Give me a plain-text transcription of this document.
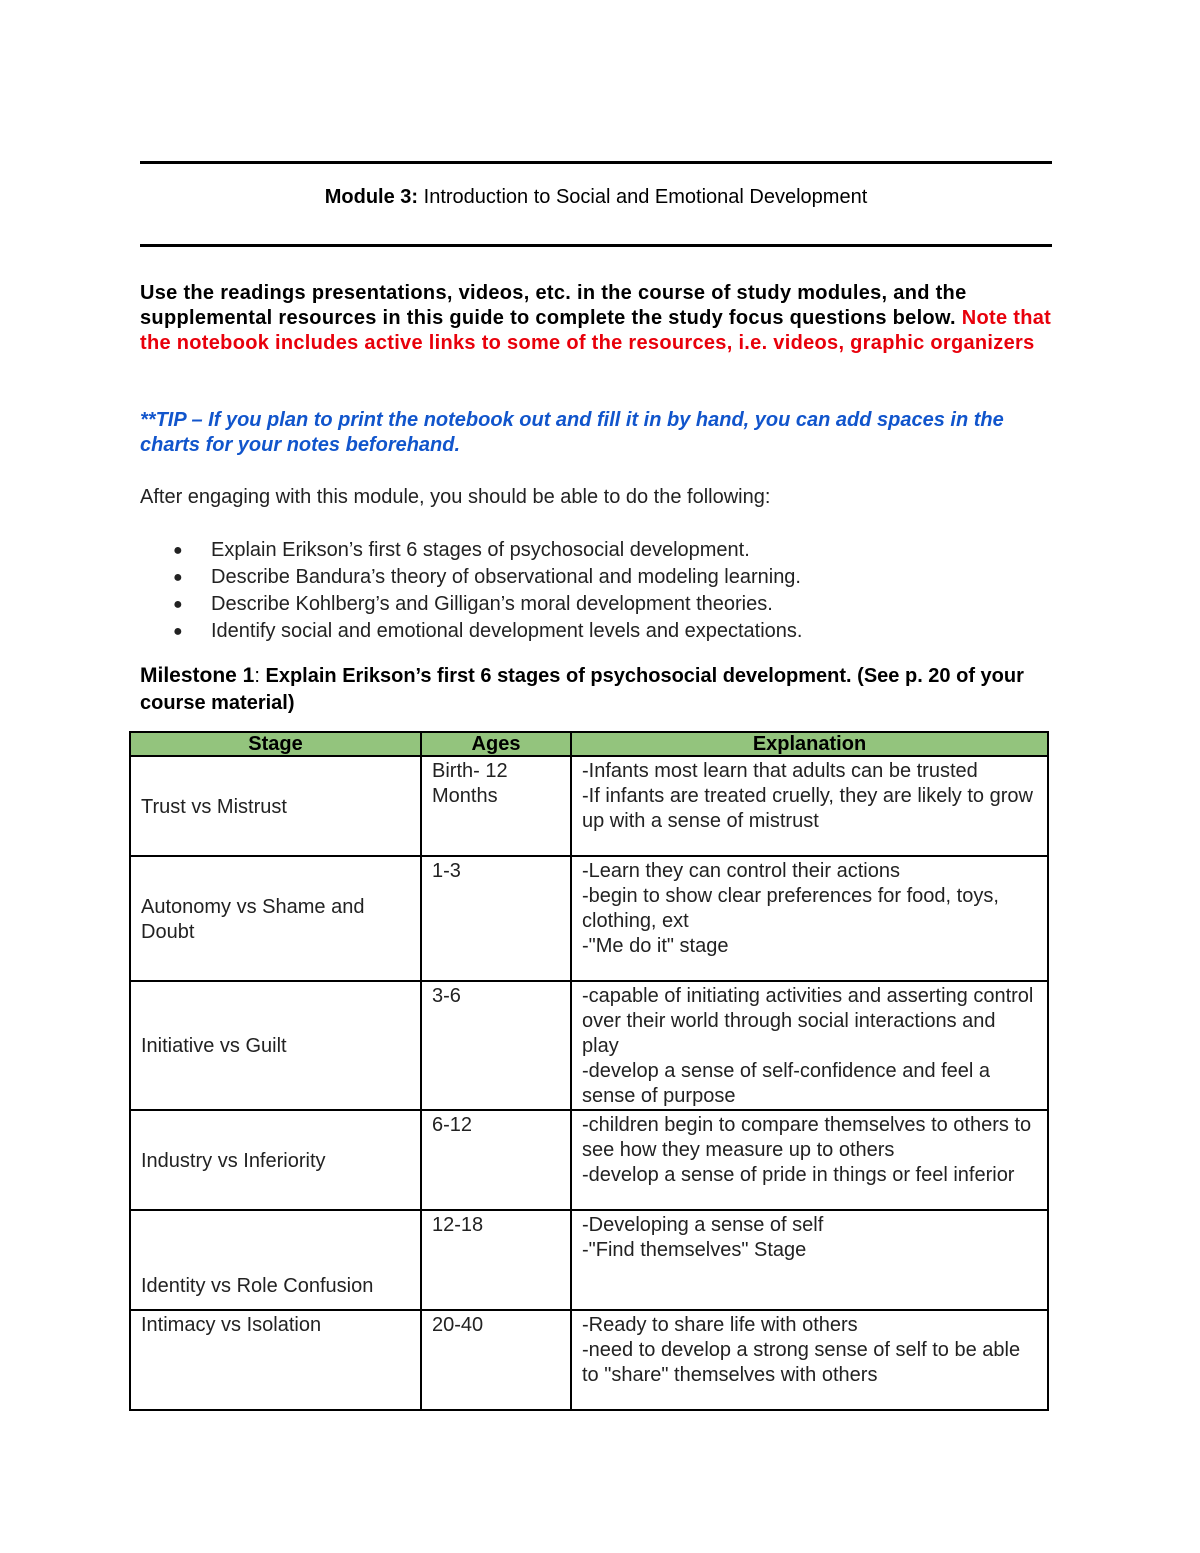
Module 3: Introduction to Social and Emotional Development
Use the readings presentations, videos, etc. in the course of study modules, and the supplemental resources in this guide to complete the study focus questions below. Note that the notebook includes active links to some of the resources, i.e. videos, graphic organizers
**TIP – If you plan to print the notebook out and fill it in by hand, you can add spaces in the charts for your notes beforehand.
After engaging with this module, you should be able to do the following:
● Explain Erikson’s first 6 stages of psychosocial development.
● Describe Bandura’s theory of observational and modeling learning.
● Describe Kohlberg’s and Gilligan’s moral development theories.
● Identify social and emotional development levels and expectations.
Milestone 1: Explain Erikson’s first 6 stages of psychosocial development. (See p. 20 of your course material)
Stage	Ages	Explanation
Trust vs Mistrust	Birth- 12 Months	-Infants most learn that adults can be trusted
-If infants are treated cruelly, they are likely to grow up with a sense of mistrust

Autonomy vs Shame and Doubt	1-3	-Learn they can control their actions
-begin to show clear preferences for food, toys, clothing, ext
-"Me do it" stage

Initiative vs Guilt	3-6	-capable of initiating activities and asserting control over their world through social interactions and play
-develop a sense of self-confidence and feel a sense of purpose

Industry vs Inferiority	6-12	-children begin to compare themselves to others to see how they measure up to others
-develop a sense of pride in things or feel inferior

Identity vs Role Confusion	12-18	-Developing a sense of self
-"Find themselves" Stage

Intimacy vs Isolation	20-40	-Ready to share life with others
-need to develop a strong sense of self to be able to "share" themselves with others
